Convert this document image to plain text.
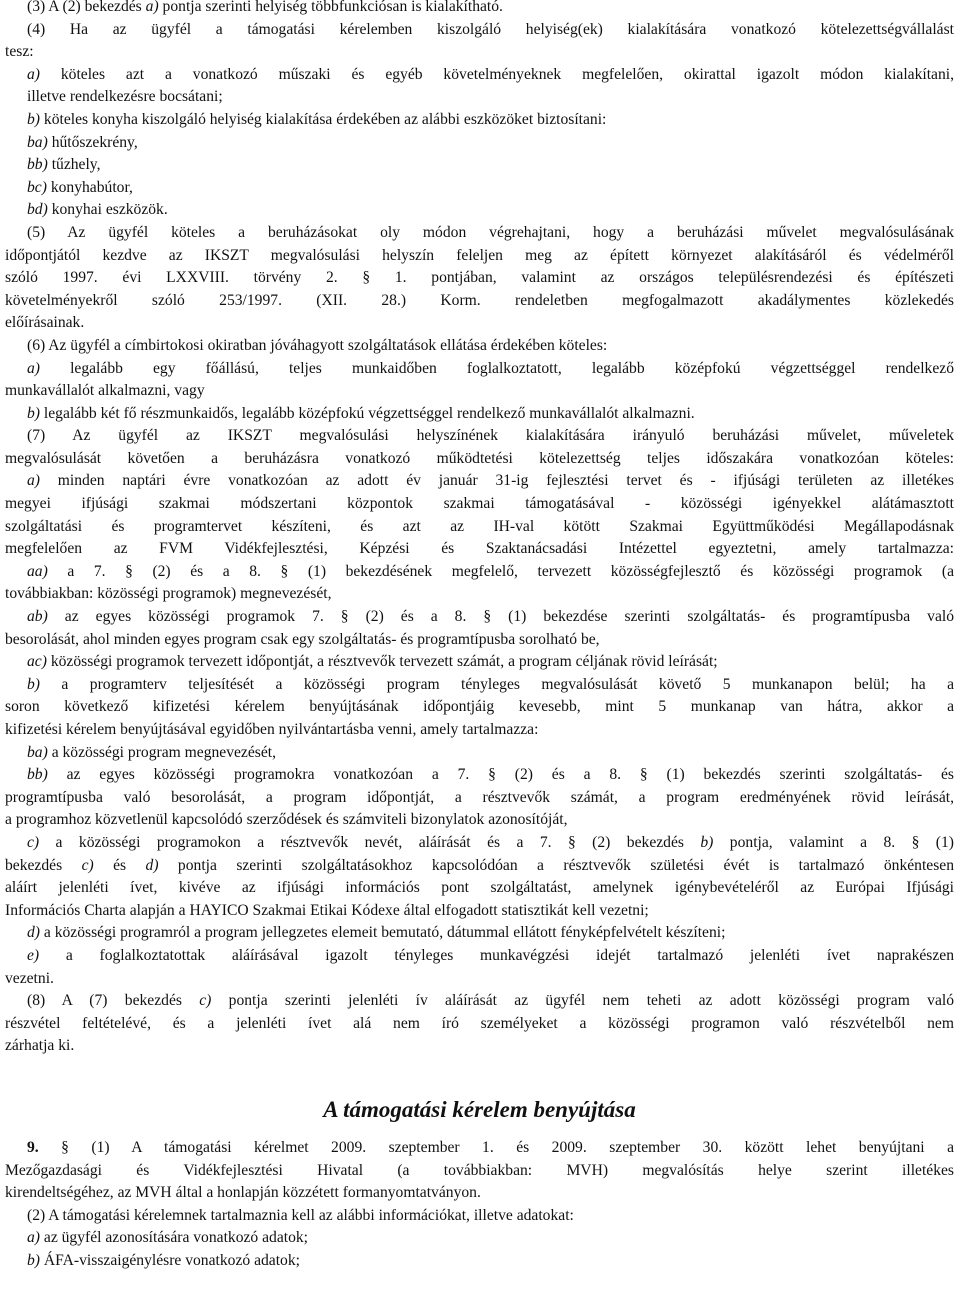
(3) A (2) bekezdés a) pontja szerinti helyiség többfunkciósan is kialakítható.
(4) Ha az ügyfél a támogatási kérelemben kiszolgáló helyiség(ek) kialakítására vonatkozó kötelezettségvállalást
tesz:
a) köteles azt a vonatkozó műszaki és egyéb követelményeknek megfelelően, okirattal igazolt módon kialakítani,
illetve rendelkezésre bocsátani;
b) köteles konyha kiszolgáló helyiség kialakítása érdekében az alábbi eszközöket biztosítani:
ba) hűtőszekrény,
bb) tűzhely,
bc) konyhabútor,
bd) konyhai eszközök.
(5) Az ügyfél köteles a beruházásokat oly módon végrehajtani, hogy a beruházási művelet megvalósulásának
időpontjától kezdve az IKSZT megvalósulási helyszín feleljen meg az épített környezet alakításáról és védelméről
szóló 1997. évi LXXVIII. törvény 2. § 1. pontjában, valamint az országos településrendezési és építészeti
követelményekről szóló 253/1997. (XII. 28.) Korm. rendeletben megfogalmazott akadálymentes közlekedés
előírásainak.
(6) Az ügyfél a címbirtokosi okiratban jóváhagyott szolgáltatások ellátása érdekében köteles:
a) legalább egy főállású, teljes munkaidőben foglalkoztatott, legalább középfokú végzettséggel rendelkező
munkavállalót alkalmazni, vagy
b) legalább két fő részmunkaidős, legalább középfokú végzettséggel rendelkező munkavállalót alkalmazni.
(7) Az ügyfél az IKSZT megvalósulási helyszínének kialakítására irányuló beruházási művelet, műveletek
megvalósulását követően a beruházásra vonatkozó működtetési kötelezettség teljes időszakára vonatkozóan köteles:
a) minden naptári évre vonatkozóan az adott év január 31-ig fejlesztési tervet és - ifjúsági területen az illetékes
megyei ifjúsági szakmai módszertani központok szakmai támogatásával - közösségi igényekkel alátámasztott
szolgáltatási és programtervet készíteni, és azt az IH-val kötött Szakmai Együttműködési Megállapodásnak
megfelelően az FVM Vidékfejlesztési, Képzési és Szaktanácsadási Intézettel egyeztetni, amely tartalmazza:
aa) a 7. § (2) és a 8. § (1) bekezdésének megfelelő, tervezett közösségfejlesztő és közösségi programok (a
továbbiakban: közösségi programok) megnevezését,
ab) az egyes közösségi programok 7. § (2) és a 8. § (1) bekezdése szerinti szolgáltatás- és programtípusba való
besorolását, ahol minden egyes program csak egy szolgáltatás- és programtípusba sorolható be,
ac) közösségi programok tervezett időpontját, a résztvevők tervezett számát, a program céljának rövid leírását;
b) a programterv teljesítését a közösségi program tényleges megvalósulását követő 5 munkanapon belül; ha a
soron következő kifizetési kérelem benyújtásának időpontjáig kevesebb, mint 5 munkanap van hátra, akkor a
kifizetési kérelem benyújtásával egyidőben nyilvántartásba venni, amely tartalmazza:
ba) a közösségi program megnevezését,
bb) az egyes közösségi programokra vonatkozóan a 7. § (2) és a 8. § (1) bekezdés szerinti szolgáltatás- és
programtípusba való besorolását, a program időpontját, a résztvevők számát, a program eredményének rövid leírását,
a programhoz közvetlenül kapcsolódó szerződések és számviteli bizonylatok azonosítóját,
c) a közösségi programokon a résztvevők nevét, aláírását és a 7. § (2) bekezdés b) pontja, valamint a 8. § (1)
bekezdés c) és d) pontja szerinti szolgáltatásokhoz kapcsolódóan a résztvevők születési évét is tartalmazó önkéntesen
aláírt jelenléti ívet, kivéve az ifjúsági információs pont szolgáltatást, amelynek igénybevételéről az Európai Ifjúsági
Információs Charta alapján a HAYICO Szakmai Etikai Kódexe által elfogadott statisztikát kell vezetni;
d) a közösségi programról a program jellegzetes elemeit bemutató, dátummal ellátott fényképfelvételt készíteni;
e) a foglalkoztatottak aláírásával igazolt tényleges munkavégzési idejét tartalmazó jelenléti ívet naprakészen
vezetni.
(8) A (7) bekezdés c) pontja szerinti jelenléti ív aláírását az ügyfél nem teheti az adott közösségi program való
részvétel feltételévé, és a jelenléti ívet alá nem író személyeket a közösségi programon való részvételből nem
zárhatja ki.
A támogatási kérelem benyújtása
9. § (1) A támogatási kérelmet 2009. szeptember 1. és 2009. szeptember 30. között lehet benyújtani a
Mezőgazdasági és Vidékfejlesztési Hivatal (a továbbiakban: MVH) megvalósítás helye szerint illetékes
kirendeltségéhez, az MVH által a honlapján közzétett formanyomtatványon.
(2) A támogatási kérelemnek tartalmaznia kell az alábbi információkat, illetve adatokat:
a) az ügyfél azonosítására vonatkozó adatok;
b) ÁFA-visszaigénylésre vonatkozó adatok;
